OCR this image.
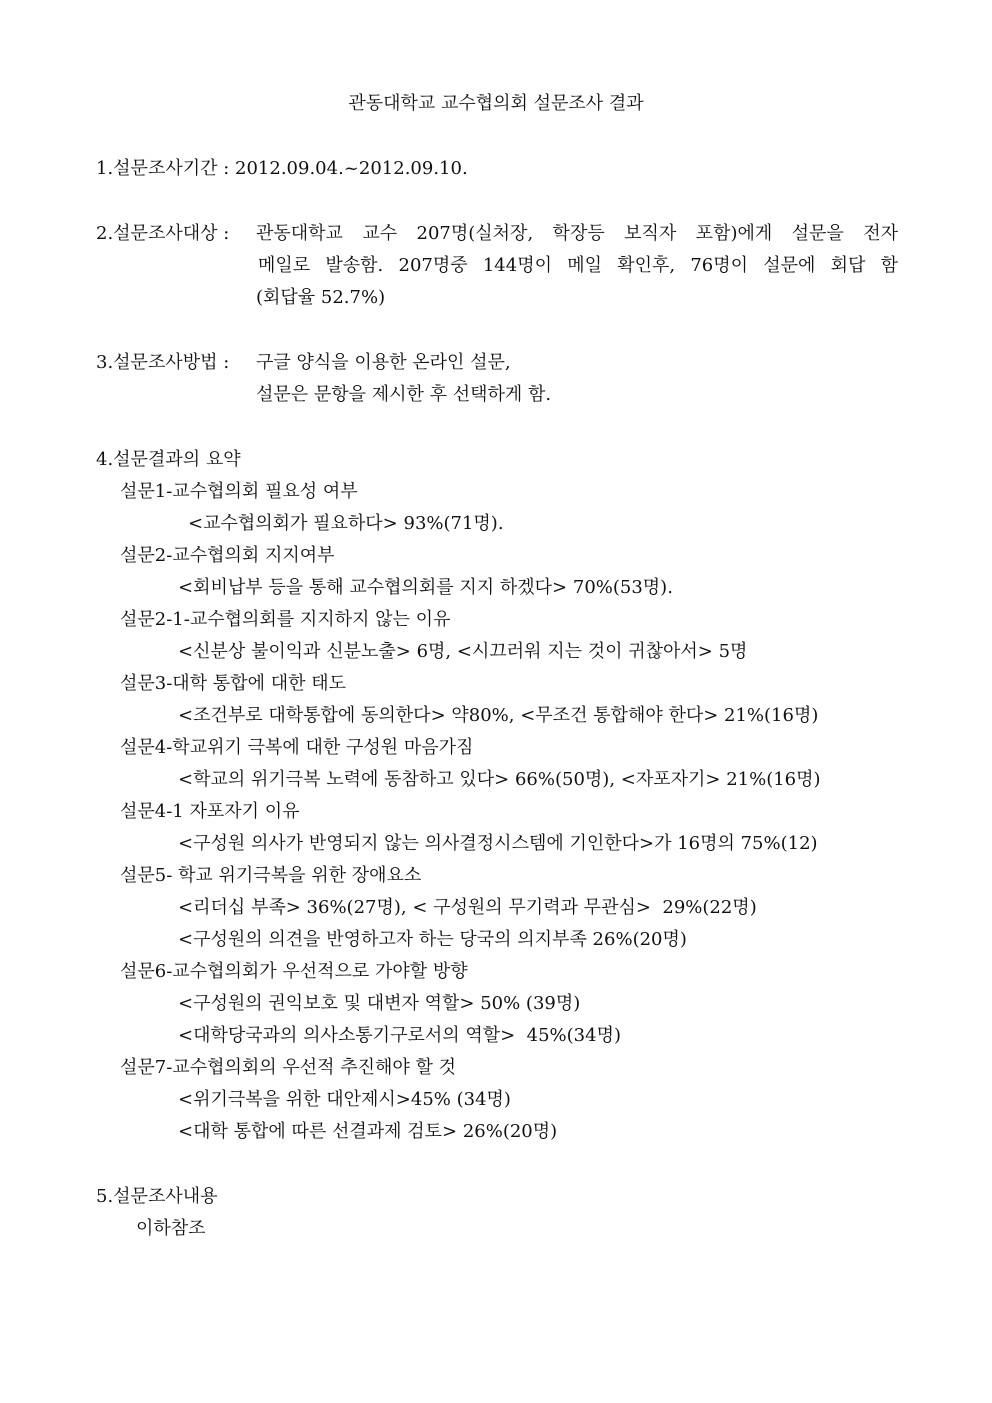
관동대학교 교수협의회 설문조사 결과
1.설문조사기간 : 2012.09.04.~2012.09.10.
2.설문조사대상 : 관동대학교 교수 207명(실처장, 학장등 보직자 포함)에게 설문을 전자
메일로 발송함. 207명중 144명이 메일 확인후, 76명이 설문에 회답 함
(회답율 52.7%)
3.설문조사방법 : 구글 양식을 이용한 온라인 설문,
설문은 문항을 제시한 후 선택하게 함.
4.설문결과의 요약
설문1-교수협의회 필요성 여부
<교수협의회가 필요하다> 93%(71명).
설문2-교수협의회 지지여부
<회비납부 등을 통해 교수협의회를 지지 하겠다> 70%(53명).
설문2-1-교수협의회를 지지하지 않는 이유
<신분상 불이익과 신분노출> 6명, <시끄러워 지는 것이 귀찮아서> 5명
설문3-대학 통합에 대한 태도
<조건부로 대학통합에 동의한다> 약80%, <무조건 통합해야 한다> 21%(16명)
설문4-학교위기 극복에 대한 구성원 마음가짐
<학교의 위기극복 노력에 동참하고 있다> 66%(50명), <자포자기> 21%(16명)
설문4-1 자포자기 이유
<구성원 의사가 반영되지 않는 의사결정시스템에 기인한다>가 16명의 75%(12)
설문5- 학교 위기극복을 위한 장애요소
<리더십 부족> 36%(27명), < 구성원의 무기력과 무관심>  29%(22명)
<구성원의 의견을 반영하고자 하는 당국의 의지부족 26%(20명)
설문6-교수협의회가 우선적으로 가야할 방향
<구성원의 권익보호 및 대변자 역할> 50% (39명)
<대학당국과의 의사소통기구로서의 역할>  45%(34명)
설문7-교수협의회의 우선적 추진해야 할 것
<위기극복을 위한 대안제시>45% (34명)
<대학 통합에 따른 선결과제 검토> 26%(20명)
5.설문조사내용
이하참조
